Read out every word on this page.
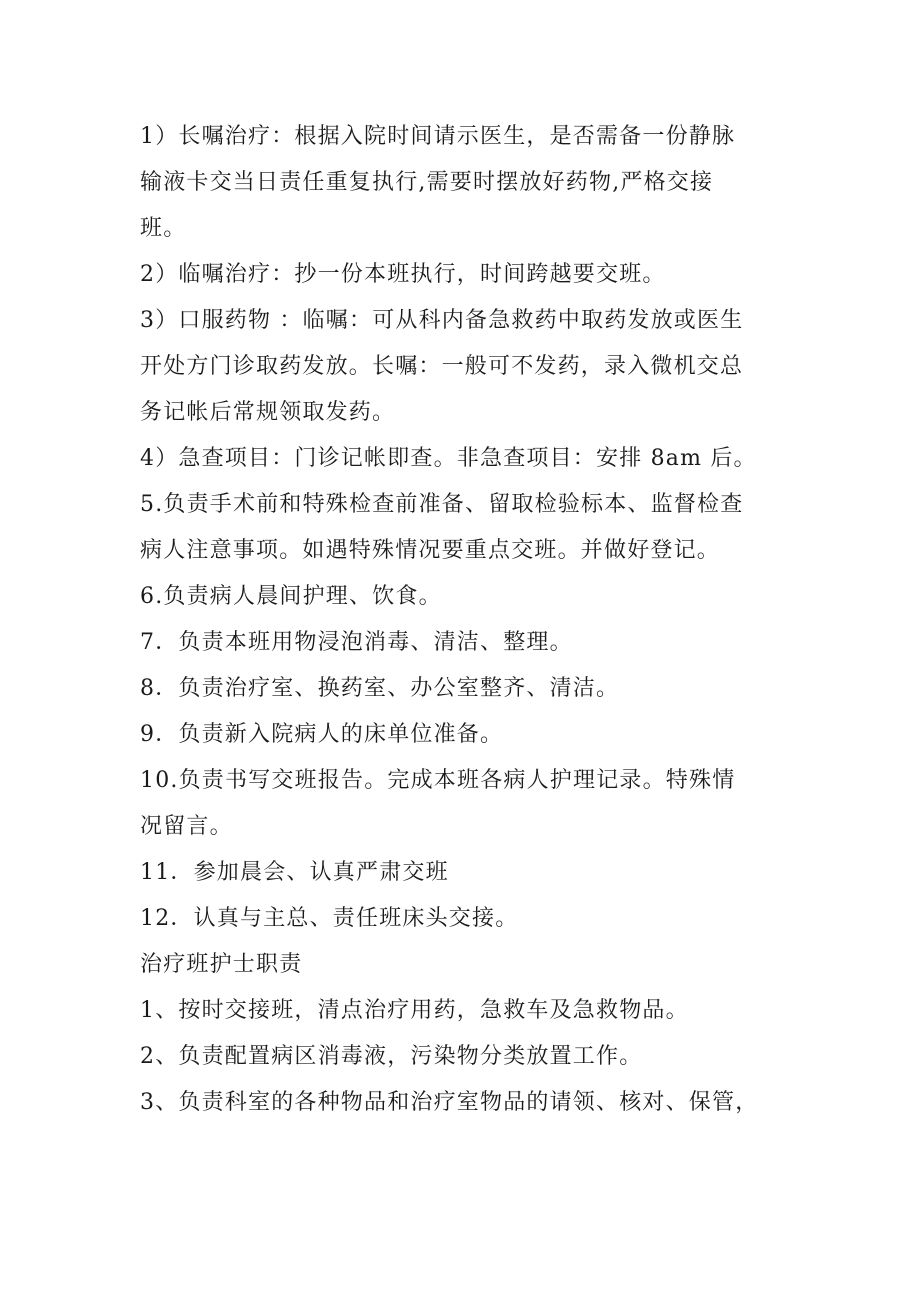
1）长嘱治疗：根据入院时间请示医生，是否需备一份静脉
输液卡交当日责任重复执行,需要时摆放好药物,严格交接
班。
2）临嘱治疗：抄一份本班执行，时间跨越要交班。
3）口服药物 ：临嘱：可从科内备急救药中取药发放或医生
开处方门诊取药发放。长嘱：一般可不发药，录入微机交总
务记帐后常规领取发药。
4）急查项目：门诊记帐即查。非急查项目：安排 8am 后。
5.负责手术前和特殊检查前准备、留取检验标本、监督检查
病人注意事项。如遇特殊情况要重点交班。并做好登记。
6.负责病人晨间护理、饮食。
7．负责本班用物浸泡消毒、清洁、整理。
8．负责治疗室、换药室、办公室整齐、清洁。
9．负责新入院病人的床单位准备。
10.负责书写交班报告。完成本班各病人护理记录。特殊情
况留言。
11．参加晨会、认真严肃交班
12．认真与主总、责任班床头交接。
治疗班护士职责
1、按时交接班，清点治疗用药，急救车及急救物品。
2、负责配置病区消毒液，污染物分类放置工作。
3、负责科室的各种物品和治疗室物品的请领、核对、保管，
